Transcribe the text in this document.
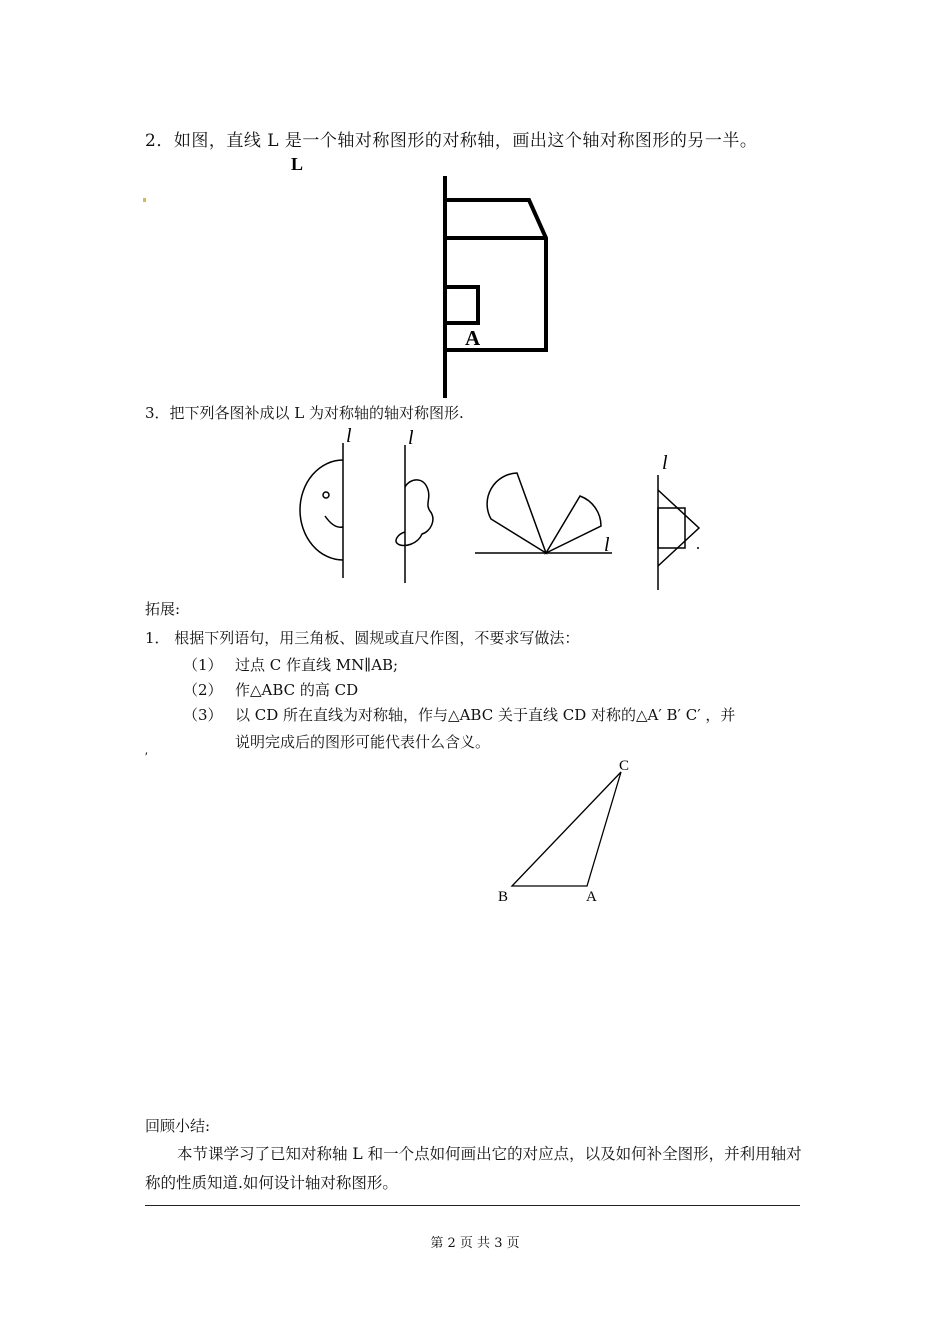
2．如图，直线 L 是一个轴对称图形的对称轴，画出这个轴对称图形的另一半。
L
A
l	l
l
l
C
B	A
′
3．把下列各图补成以 L 为对称轴的轴对称图形.
拓展:
1． 根据下列语句，用三角板、圆规或直尺作图，不要求写做法：
（1） 过点 C 作直线 MN∥AB;
（2） 作△ABC 的高 CD
（3） 以 CD 所在直线为对称轴，作与△ABC 关于直线 CD 对称的△A′ B′ C′ ，并
说明完成后的图形可能代表什么含义。
回顾小结:
本节课学习了已知对称轴 L 和一个点如何画出它的对应点，以及如何补全图形，并利用轴对称的性质知道.如何设计轴对称图形。
第 2 页 共 3 页
